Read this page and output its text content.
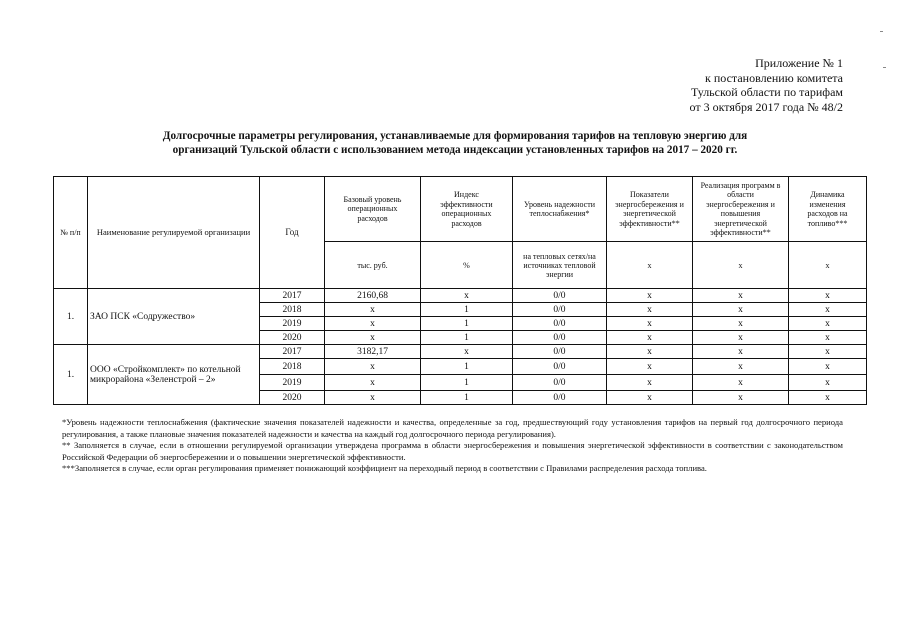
Приложение № 1
к постановлению комитета
Тульской области по тарифам
от 3 октября 2017 года № 48/2
Долгосрочные параметры регулирования, устанавливаемые для формирования тарифов на тепловую энергию для
организаций Тульской области с использованием метода индексации установленных тарифов на 2017 – 2020 гг.
№ п/п	Наименование регулируемой организации	Год	Базовый уровень операционных расходов	Индекс эффективности операционных расходов	Уровень надежности теплоснабжения*	Показатели энергосбережения и энергетической эффективности**	Реализация программ в области энергосбережения и повышения энергетической эффективности**	Динамика изменения расходов на топливо***
			тыс. руб.	%	на тепловых сетях/на источниках тепловой энергии	х	х	х
1.	ЗАО ПСК «Содружество»	2017	2160,68	х	0/0	х	х	х
		2018	х	1	0/0	х	х	х
		2019	х	1	0/0	х	х	х
		2020	х	1	0/0	х	х	х
1.	ООО «Стройкомплект» по котельной микрорайона «Зеленстрой – 2»	2017	3182,17	х	0/0	х	х	х
		2018	х	1	0/0	х	х	х
		2019	х	1	0/0	х	х	х
		2020	х	1	0/0	х	х	х

*Уровень надежности теплоснабжения (фактические значения показателей надежности и качества, определенные за год, предшествующий году установления тарифов на первый год долгосрочного периода регулирования, а также плановые значения показателей надежности и качества на каждый год долгосрочного периода регулирования).

** Заполняется в случае, если в отношении регулируемой организации утверждена программа в области энергосбережения и повышения энергетической эффективности в соответствии с законодательством Российской Федерации об энергосбережении и о повышении энергетической эффективности.

***Заполняется в случае, если орган регулирования применяет понижающий коэффициент на переходный период в соответствии с Правилами распределения расхода топлива.
